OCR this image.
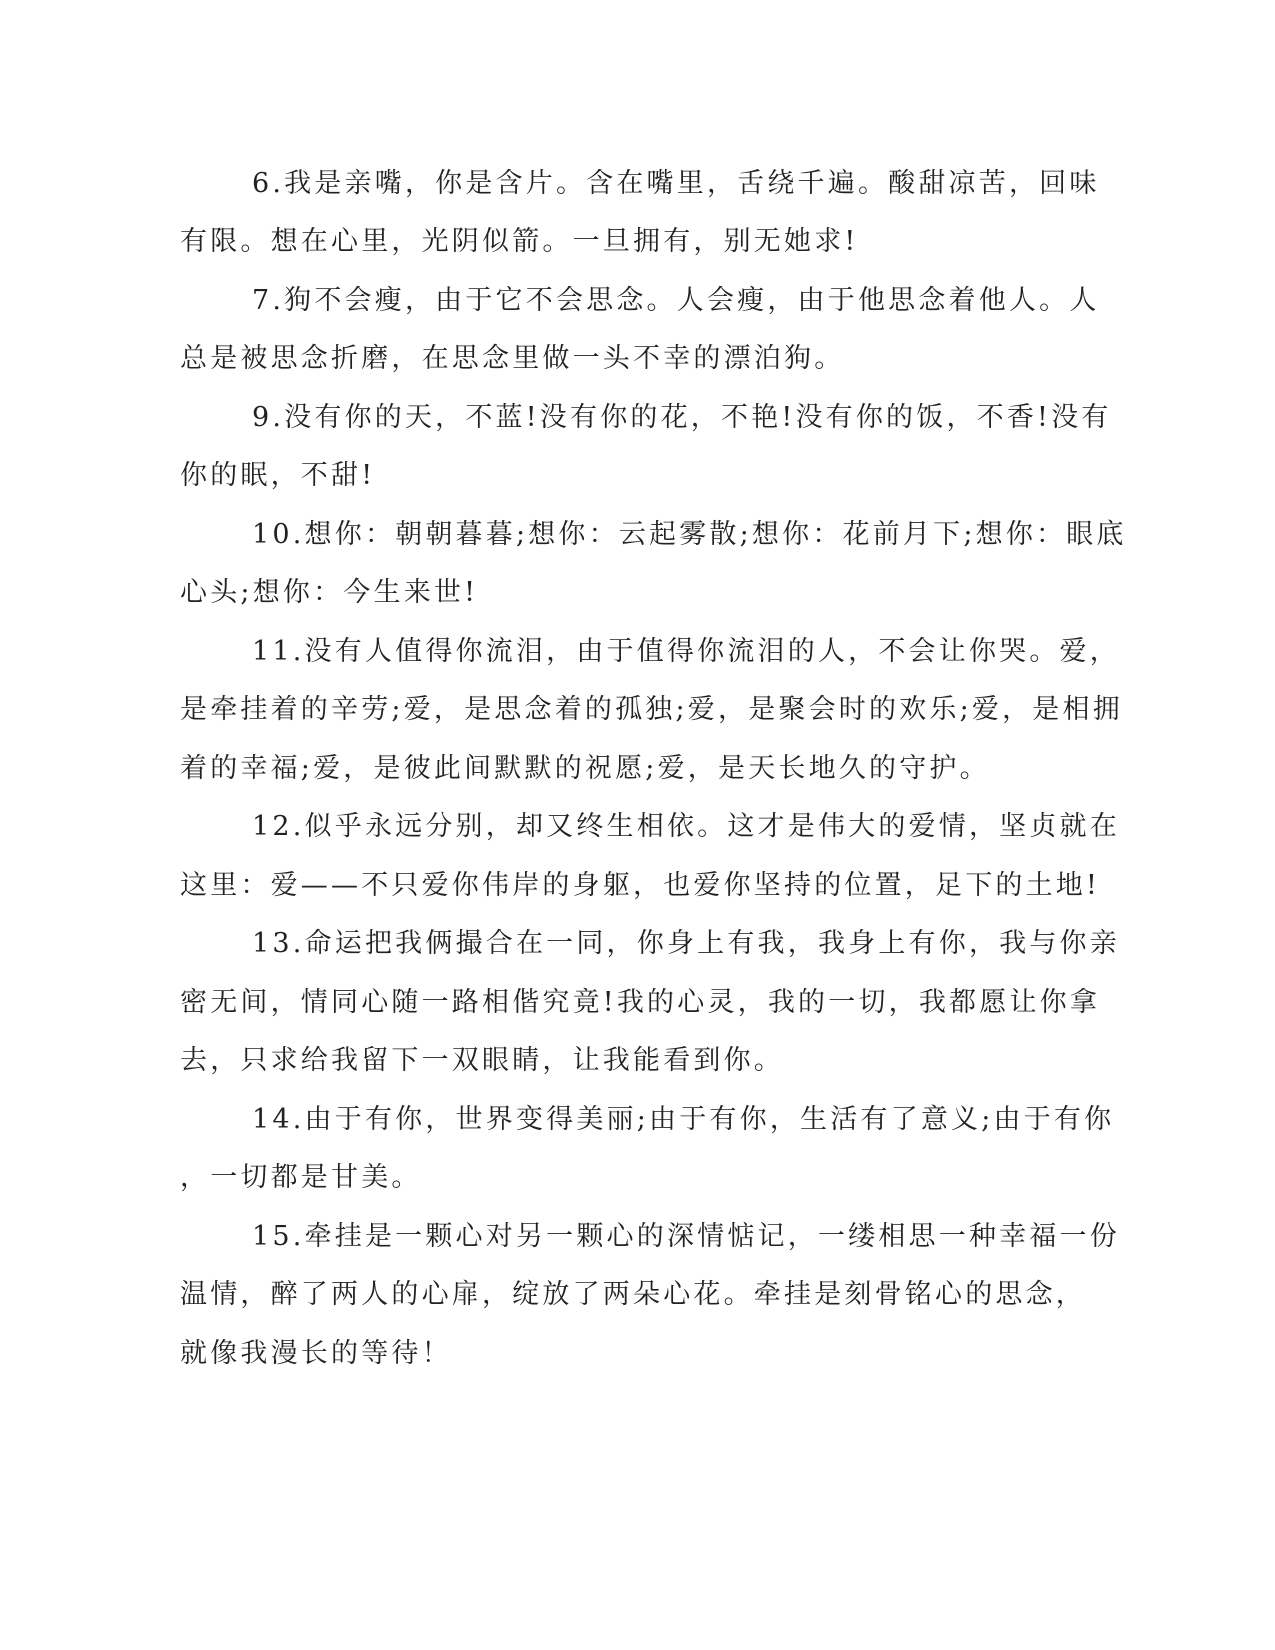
6.我是亲嘴，你是含片。含在嘴里，舌绕千遍。酸甜凉苦，回味

有限。想在心里，光阴似箭。一旦拥有，别无她求!

7.狗不会瘦，由于它不会思念。人会瘦，由于他思念着他人。人

总是被思念折磨，在思念里做一头不幸的漂泊狗。

9.没有你的天，不蓝!没有你的花，不艳!没有你的饭，不香!没有

你的眠，不甜!

10.想你：朝朝暮暮;想你：云起雾散;想你：花前月下;想你：眼底

心头;想你：今生来世!

11.没有人值得你流泪，由于值得你流泪的人，不会让你哭。爱，

是牵挂着的辛劳;爱，是思念着的孤独;爱，是聚会时的欢乐;爱，是相拥

着的幸福;爱，是彼此间默默的祝愿;爱，是天长地久的守护。

12.似乎永远分别，却又终生相依。这才是伟大的爱情，坚贞就在

这里：爱——不只爱你伟岸的身躯，也爱你坚持的位置，足下的土地!

13.命运把我俩撮合在一同，你身上有我，我身上有你，我与你亲

密无间，情同心随一路相偕究竟!我的心灵，我的一切，我都愿让你拿

去，只求给我留下一双眼睛，让我能看到你。

14.由于有你，世界变得美丽;由于有你，生活有了意义;由于有你

，一切都是甘美。

15.牵挂是一颗心对另一颗心的深情惦记，一缕相思一种幸福一份

温情，醉了两人的心扉，绽放了两朵心花。牵挂是刻骨铭心的思念，

就像我漫长的等待！
